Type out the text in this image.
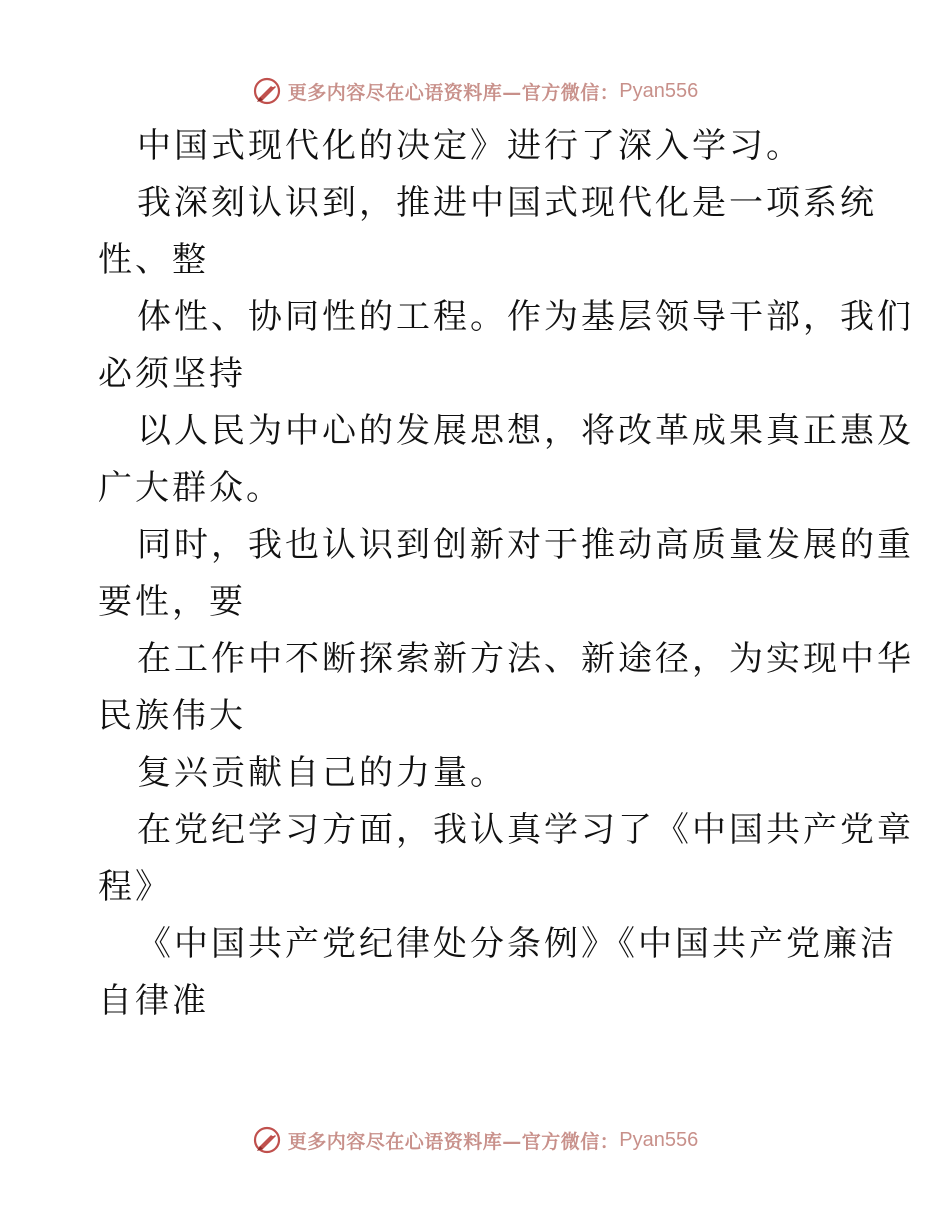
更多内容尽在心语资料库—官方微信： Pyan556
中国式现代化的决定》进行了深入学习。
我深刻认识到，推进中国式现代化是一项系统
性、整
体性、协同性的工程。作为基层领导干部，我们
必须坚持
以人民为中心的发展思想，将改革成果真正惠及
广大群众。
同时，我也认识到创新对于推动高质量发展的重
要性，要
在工作中不断探索新方法、新途径，为实现中华
民族伟大
复兴贡献自己的力量。
在党纪学习方面，我认真学习了《中国共产党章
程》
《中国共产党纪律处分条例》《中国共产党廉洁
自律准
更多内容尽在心语资料库—官方微信： Pyan556
